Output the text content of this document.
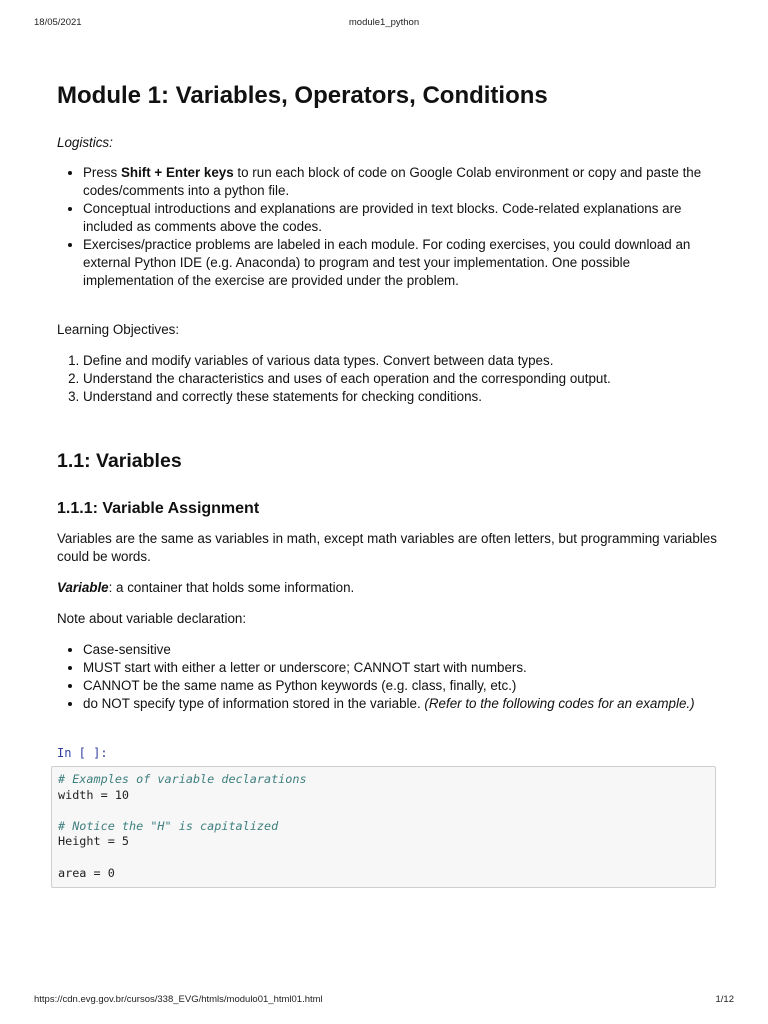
18/05/2021	module1_python
Module 1: Variables, Operators, Conditions

Logistics:

• Press Shift + Enter keys to run each block of code on Google Colab environment or copy and paste the codes/comments into a python file.
• Conceptual introductions and explanations are provided in text blocks. Code-related explanations are included as comments above the codes.
• Exercises/practice problems are labeled in each module. For coding exercises, you could download an external Python IDE (e.g. Anaconda) to program and test your implementation. One possible implementation of the exercise are provided under the problem.

Learning Objectives:

1. Define and modify variables of various data types. Convert between data types.
2. Understand the characteristics and uses of each operation and the corresponding output.
3. Understand and correctly these statements for checking conditions.
1.1: Variables
1.1.1: Variable Assignment

Variables are the same as variables in math, except math variables are often letters, but programming variables could be words.

Variable: a container that holds some information.

Note about variable declaration:

• Case-sensitive
• MUST start with either a letter or underscore; CANNOT start with numbers.
• CANNOT be the same name as Python keywords (e.g. class, finally, etc.)
• do NOT specify type of information stored in the variable. (Refer to the following codes for an example.)
In [ ]:
# Examples of variable declarations
width = 10
# Notice the "H" is capitalized
Height = 5
area = 0
https://cdn.evg.gov.br/cursos/338_EVG/htmls/modulo01_html01.html	1/12
